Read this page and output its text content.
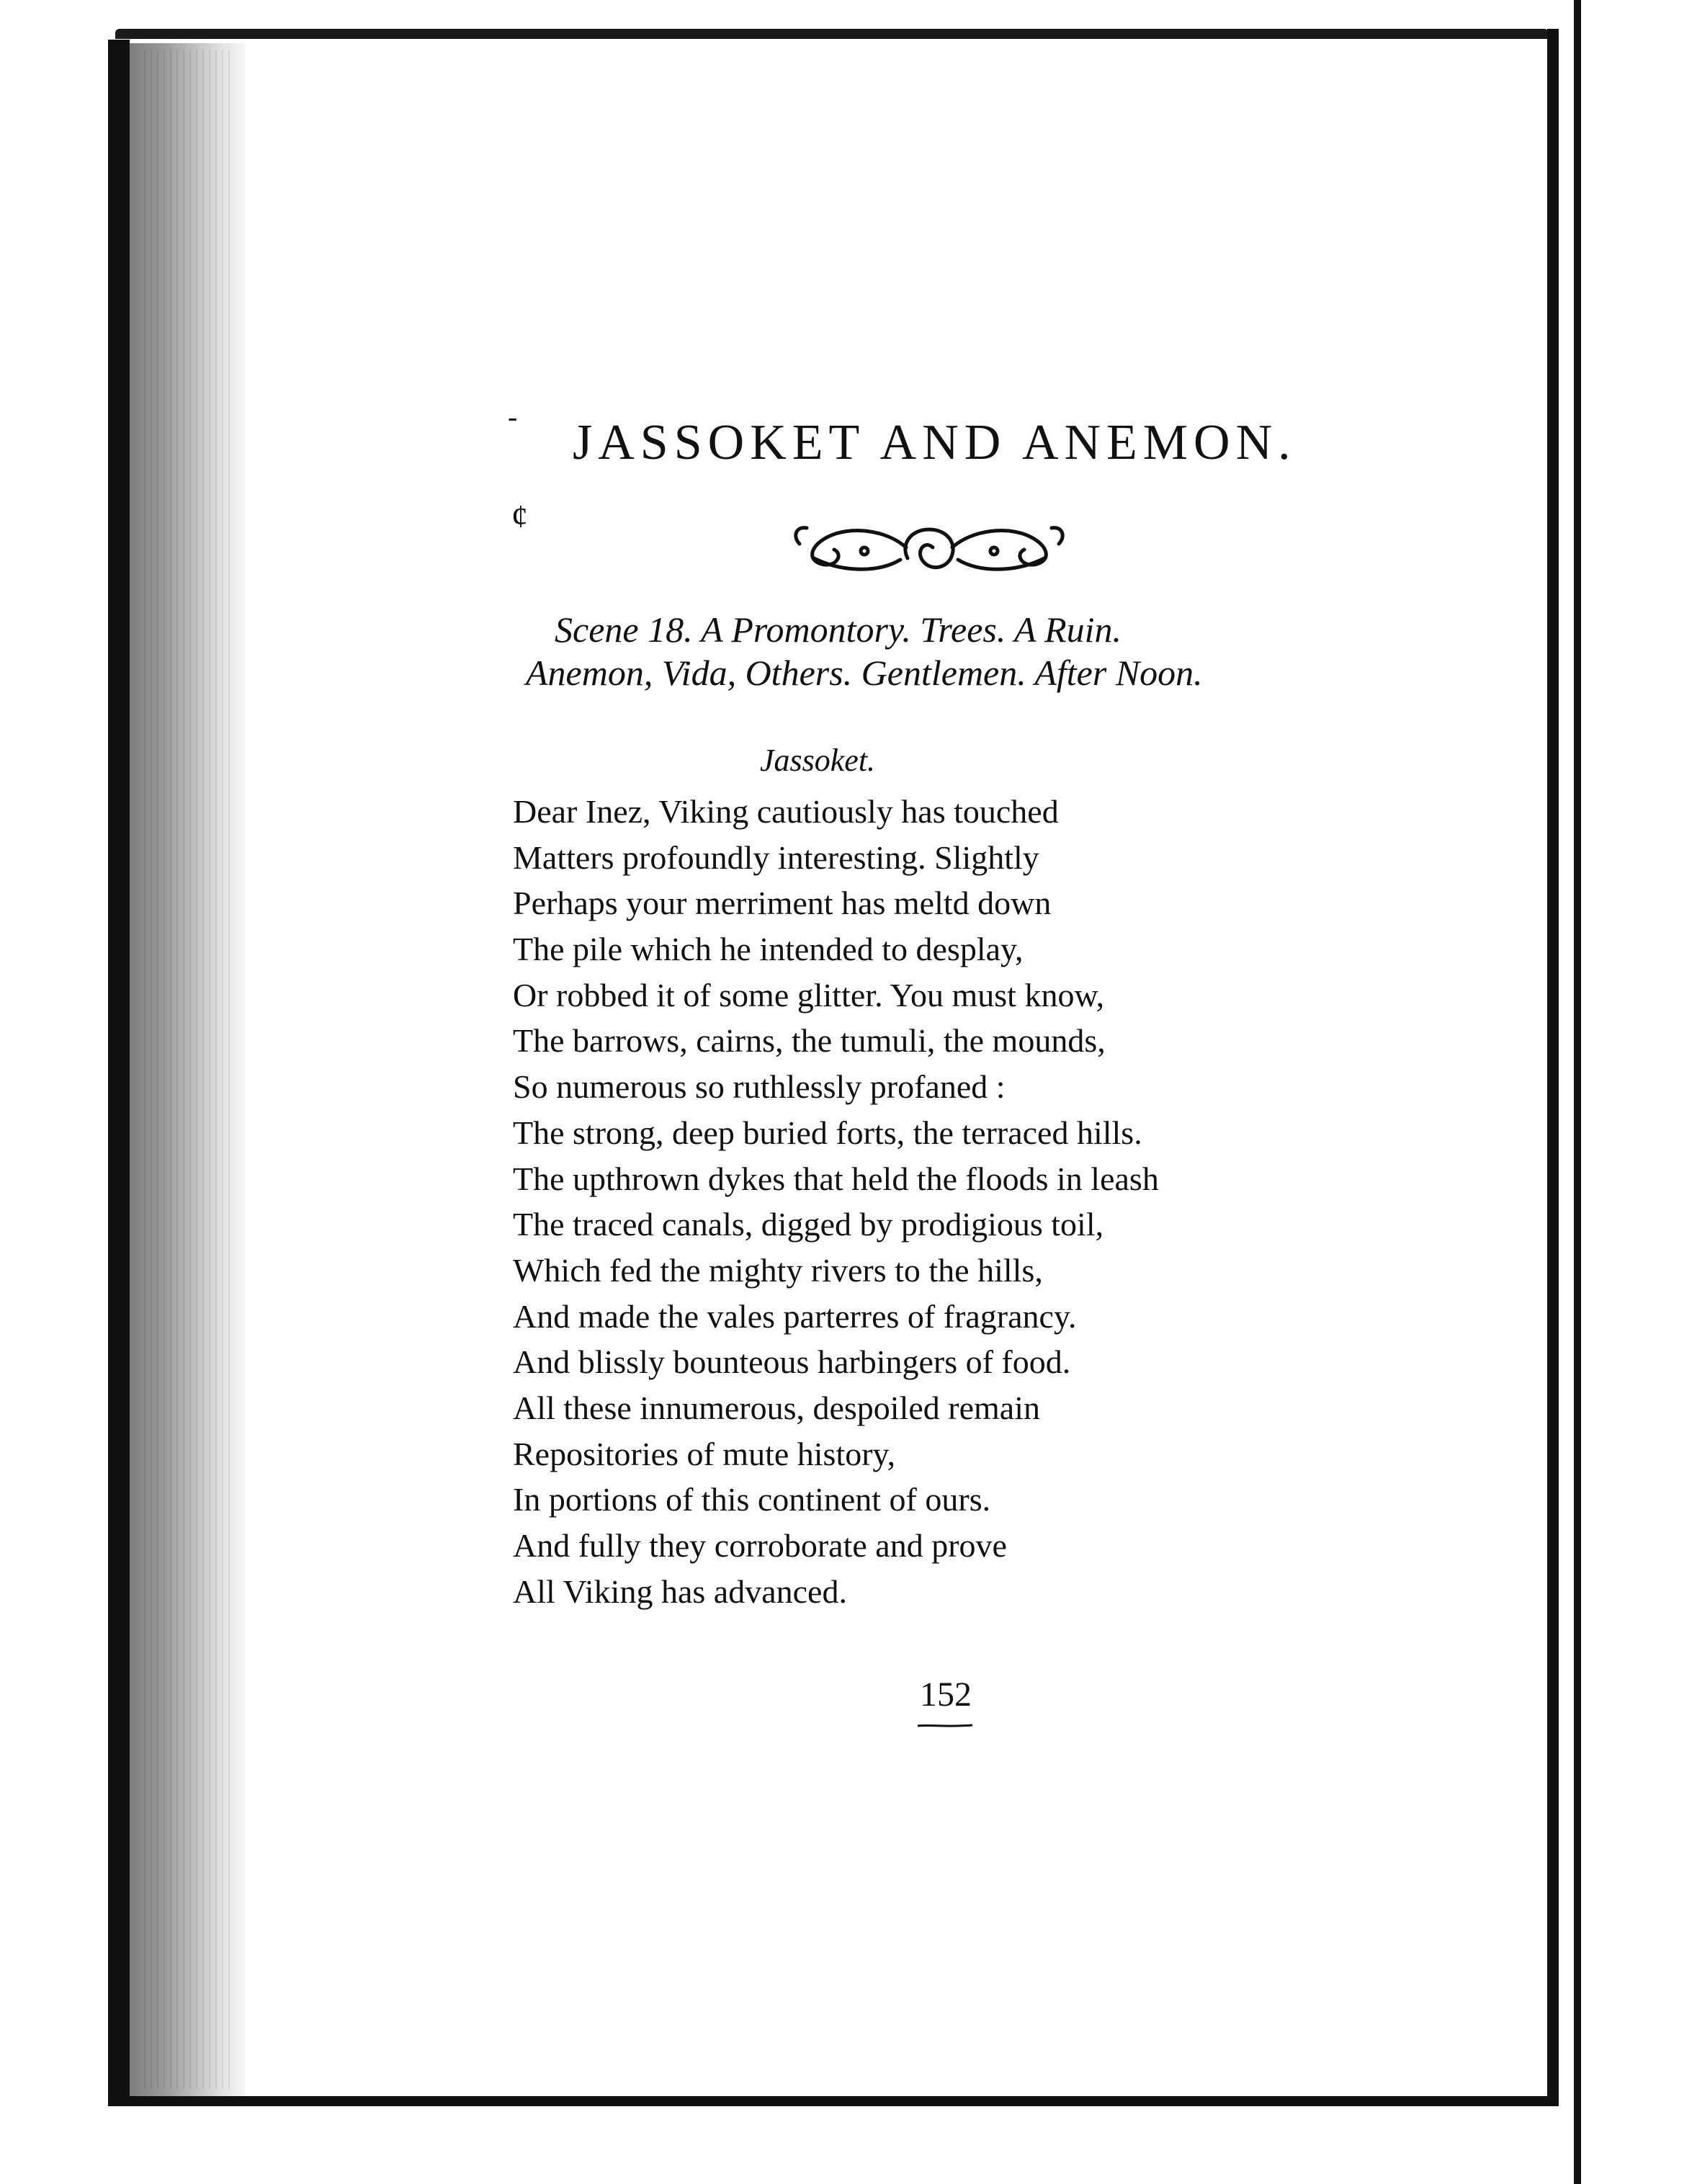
-
¢
JASSOKET AND ANEMON.
Scene 18. A Promontory. Trees. A Ruin.
Anemon, Vida, Others. Gentlemen. After Noon.
Jassoket.
Dear Inez, Viking cautiously has touched
Matters profoundly interesting. Slightly
Perhaps your merriment has meltd down
The pile which he intended to desplay,
Or robbed it of some glitter. You must know,
The barrows, cairns, the tumuli, the mounds,
So numerous so ruthlessly profaned :
The strong, deep buried forts, the terraced hills.
The upthrown dykes that held the floods in leash
The traced canals, digged by prodigious toil,
Which fed the mighty rivers to the hills,
And made the vales parterres of fragrancy.
And blissly bounteous harbingers of food.
All these innumerous, despoiled remain
Repositories of mute history,
In portions of this continent of ours.
And fully they corroborate and prove
All Viking has advanced.
152
